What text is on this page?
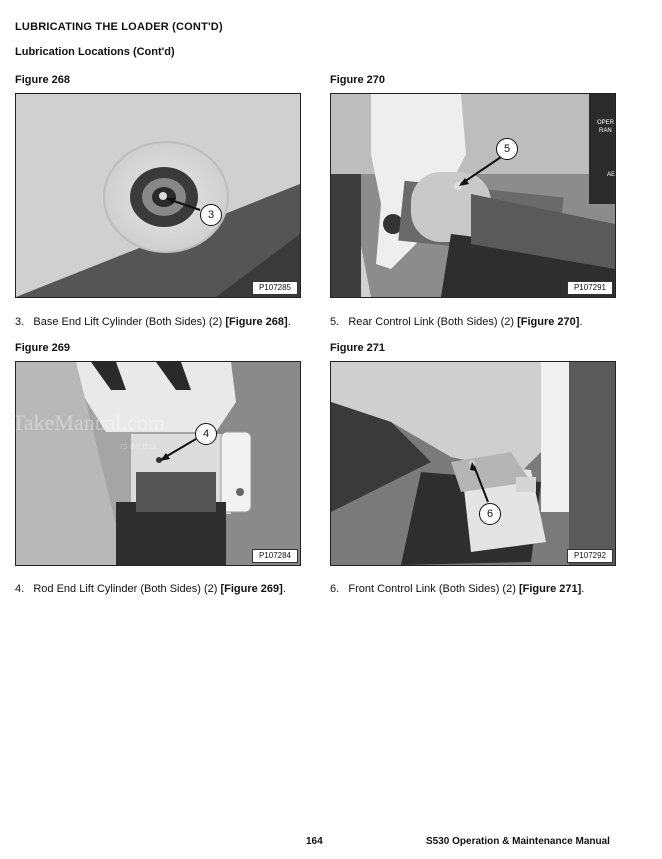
LUBRICATING THE LOADER (CONT'D)
Lubrication Locations (Cont'd)
Figure 268
3
P107285
3. Base End Lift Cylinder (Both Sides) (2) [Figure 268].
Figure 270
5
OPER
RAN
AE
P107291
5. Rear Control Link (Both Sides) (2) [Figure 270].
Figure 269
4
P107284
TakeManual.com
rs on this
4. Rod End Lift Cylinder (Both Sides) (2) [Figure 269].
Figure 271
6
P107292
6. Front Control Link (Both Sides) (2) [Figure 271].
164	S530 Operation & Maintenance Manual
